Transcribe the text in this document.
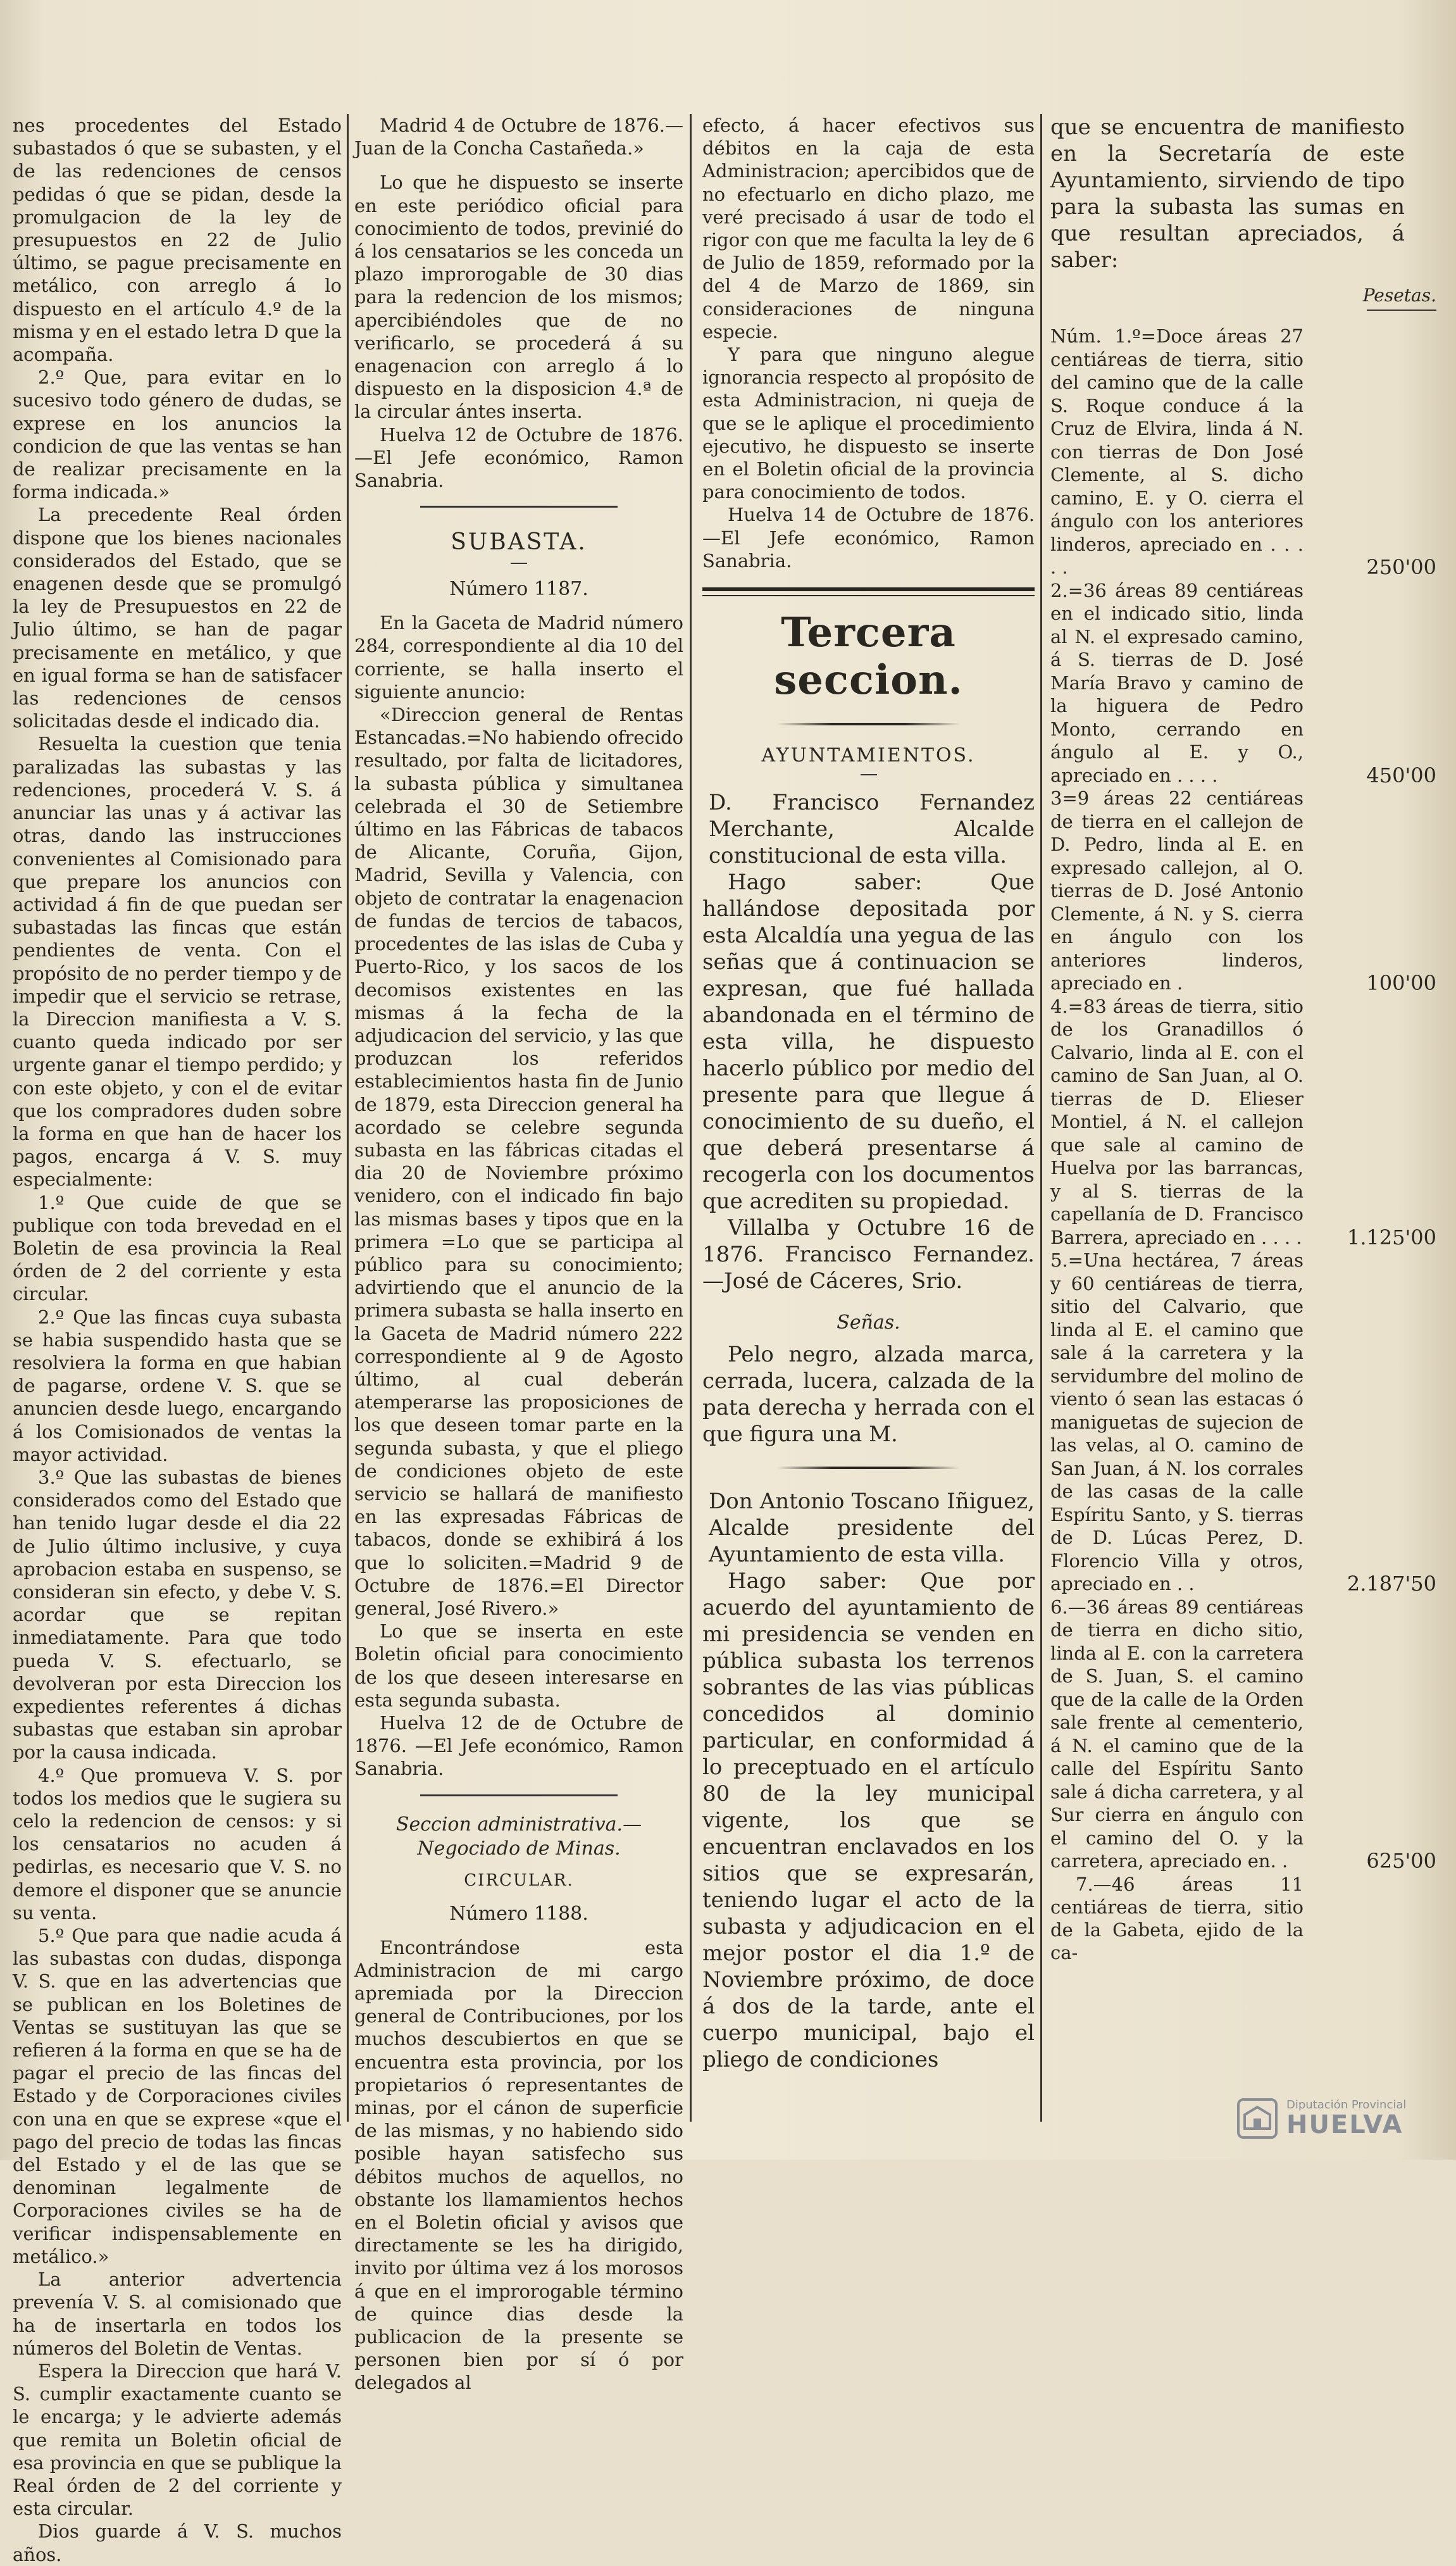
nes procedentes del Estado subastados ó que se subasten, y el de las redenciones de censos pedidas ó que se pidan, desde la promulgacion de la ley de presupuestos en 22 de Julio último, se pague precisamente en metálico, con arreglo á lo dispuesto en el artículo 4.º de la misma y en el estado letra D que la acompaña.

2.º Que, para evitar en lo sucesivo todo género de dudas, se exprese en los anuncios la condicion de que las ventas se han de realizar precisamente en la forma indicada.»

La precedente Real órden dispone que los bienes nacionales considerados del Estado, que se enagenen desde que se promulgó la ley de Presupuestos en 22 de Julio último, se han de pagar precisamente en metálico, y que en igual forma se han de satisfacer las redenciones de censos solicitadas desde el indicado dia.

Resuelta la cuestion que tenia paralizadas las subastas y las redenciones, procederá V. S. á anunciar las unas y á activar las otras, dando las instrucciones convenientes al Comisionado para que prepare los anuncios con actividad á fin de que puedan ser subastadas las fincas que están pendientes de venta. Con el propósito de no perder tiempo y de impedir que el servicio se retrase, la Direccion manifiesta a V. S. cuanto queda indicado por ser urgente ganar el tiempo perdido; y con este objeto, y con el de evitar que los compradores duden sobre la forma en que han de hacer los pagos, encarga á V. S. muy especialmente:

1.º Que cuide de que se publique con toda brevedad en el Boletin de esa provincia la Real órden de 2 del corriente y esta circular.

2.º Que las fincas cuya subasta se habia suspendido hasta que se resolviera la forma en que habian de pagarse, ordene V. S. que se anuncien desde luego, encargando á los Comisionados de ventas la mayor actividad.

3.º Que las subastas de bienes considerados como del Estado que han tenido lugar desde el dia 22 de Julio último inclusive, y cuya aprobacion estaba en suspenso, se consideran sin efecto, y debe V. S. acordar que se repitan inmediatamente. Para que todo pueda V. S. efectuarlo, se devolveran por esta Direccion los expedientes referentes á dichas subastas que estaban sin aprobar por la causa indicada.

4.º Que promueva V. S. por todos los medios que le sugiera su celo la redencion de censos: y si los censatarios no acuden á pedirlas, es necesario que V. S. no demore el disponer que se anuncie su venta.

5.º Que para que nadie acuda á las subastas con dudas, disponga V. S. que en las advertencias que se publican en los Boletines de Ventas se sustituyan las que se refieren á la forma en que se ha de pagar el precio de las fincas del Estado y de Corporaciones civiles con una en que se exprese «que el pago del precio de todas las fincas del Estado y el de las que se denominan legalmente de Corporaciones civiles se ha de verificar indispensablemente en metálico.»

La anterior advertencia prevenía V. S. al comisionado que ha de insertarla en todos los números del Boletin de Ventas.

Espera la Direccion que hará V. S. cumplir exactamente cuanto se le encarga; y le advierte además que remita un Boletin oficial de esa provincia en que se publique la Real órden de 2 del corriente y esta circular.

Dios guarde á V. S. muchos años.

Madrid 4 de Octubre de 1876.—Juan de la Concha Castañeda.»

Lo que he dispuesto se inserte en este periódico oficial para conocimiento de todos, previnié do á los censatarios se les conceda un plazo improrogable de 30 dias para la redencion de los mismos; apercibiéndoles que de no verificarlo, se procederá á su enagenacion con arreglo á lo dispuesto en la disposicion 4.ª de la circular ántes inserta.

Huelva 12 de Octubre de 1876. —El Jefe económico, Ramon Sanabria.

SUBASTA.
Número 1187.

En la Gaceta de Madrid número 284, correspondiente al dia 10 del corriente, se halla inserto el siguiente anuncio:

«Direccion general de Rentas Estancadas.=No habiendo ofrecido resultado, por falta de licitadores, la subasta pública y simultanea celebrada el 30 de Setiembre último en las Fábricas de tabacos de Alicante, Coruña, Gijon, Madrid, Sevilla y Valencia, con objeto de contratar la enagenacion de fundas de tercios de tabacos, procedentes de las islas de Cuba y Puerto-Rico, y los sacos de los decomisos existentes en las mismas á la fecha de la adjudicacion del servicio, y las que produzcan los referidos establecimientos hasta fin de Junio de 1879, esta Direccion general ha acordado se celebre segunda subasta en las fábricas citadas el dia 20 de Noviembre próximo venidero, con el indicado fin bajo las mismas bases y tipos que en la primera =Lo que se participa al público para su conocimiento; advirtiendo que el anuncio de la primera subasta se halla inserto en la Gaceta de Madrid número 222 correspondiente al 9 de Agosto último, al cual deberán atemperarse las proposiciones de los que deseen tomar parte en la segunda subasta, y que el pliego de condiciones objeto de este servicio se hallará de manifiesto en las expresadas Fábricas de tabacos, donde se exhibirá á los que lo soliciten.=Madrid 9 de Octubre de 1876.=El Director general, José Rivero.»

Lo que se inserta en este Boletin oficial para conocimiento de los que deseen interesarse en esta segunda subasta.

Huelva 12 de de Octubre de 1876. —El Jefe económico, Ramon Sanabria.

Seccion administrativa.—Negociado de Minas.
CIRCULAR.
Número 1188.

Encontrándose esta Administracion de mi cargo apremiada por la Direccion general de Contribuciones, por los muchos descubiertos en que se encuentra esta provincia, por los propietarios ó representantes de minas, por el cánon de superficie de las mismas, y no habiendo sido posible hayan satisfecho sus débitos muchos de aquellos, no obstante los llamamientos hechos en el Boletin oficial y avisos que directamente se les ha dirigido, invito por última vez á los morosos á que en el improrogable término de quince dias desde la publicacion de la presente se personen bien por sí ó por delegados al

efecto, á hacer efectivos sus débitos en la caja de esta Administracion; apercibidos que de no efectuarlo en dicho plazo, me veré precisado á usar de todo el rigor con que me faculta la ley de 6 de Julio de 1859, reformado por la del 4 de Marzo de 1869, sin consideraciones de ninguna especie.

Y para que ninguno alegue ignorancia respecto al propósito de esta Administracion, ni queja de que se le aplique el procedimiento ejecutivo, he dispuesto se inserte en el Boletin oficial de la provincia para conocimiento de todos.

Huelva 14 de Octubre de 1876.—El Jefe económico, Ramon Sanabria.

Tercera seccion.
AYUNTAMIENTOS.

D. Francisco Fernandez Merchante, Alcalde constitucional de esta villa.

Hago saber: Que hallándose depositada por esta Alcaldía una yegua de las señas que á continuacion se expresan, que fué hallada abandonada en el término de esta villa, he dispuesto hacerlo público por medio del presente para que llegue á conocimiento de su dueño, el que deberá presentarse á recogerla con los documentos que acrediten su propiedad.

Villalba y Octubre 16 de 1876. Francisco Fernandez. —José de Cáceres, Srio.

Señas.

Pelo negro, alzada marca, cerrada, lucera, calzada de la pata derecha y herrada con el que figura una M.

Don Antonio Toscano Iñiguez, Alcalde presidente del Ayuntamiento de esta villa.

Hago saber: Que por acuerdo del ayuntamiento de mi presidencia se venden en pública subasta los terrenos sobrantes de las vias públicas concedidos al dominio particular, en conformidad á lo preceptuado en el artículo 80 de la ley municipal vigente, los que se encuentran enclavados en los sitios que se expresarán, teniendo lugar el acto de la subasta y adjudicacion en el mejor postor el dia 1.º de Noviembre próximo, de doce á dos de la tarde, ante el cuerpo municipal, bajo el pliego de condiciones

que se encuentra de manifiesto en la Secretaría de este Ayuntamiento, sirviendo de tipo para la subasta las sumas en que resultan apreciados, á saber:

Pesetas.

Núm. 1.º=Doce áreas 27 centiáreas de tierra, sitio del camino que de la calle S. Roque conduce á la Cruz de Elvira, linda á N. con tierras de Don José Clemente, al S. dicho camino, E. y O. cierra el ángulo con los anteriores linderos, apreciado en . . . . .	250'00

2.=36 áreas 89 centiáreas en el indicado sitio, linda al N. el expresado camino, á S. tierras de D. José María Bravo y camino de la higuera de Pedro Monto, cerrando en ángulo al E. y O., apreciado en . . . .	450'00

3=9 áreas 22 centiáreas de tierra en el callejon de D. Pedro, linda al E. en expresado callejon, al O. tierras de D. José Antonio Clemente, á N. y S. cierra en ángulo con los anteriores linderos, apreciado en .	100'00

4.=83 áreas de tierra, sitio de los Granadillos ó Calvario, linda al E. con el camino de San Juan, al O. tierras de D. Elieser Montiel, á N. el callejon que sale al camino de Huelva por las barrancas, y al S. tierras de la capellanía de D. Francisco Barrera, apreciado en . . . . 1.125'00

5.=Una hectárea, 7 áreas y 60 centiáreas de tierra, sitio del Calvario, que linda al E. el camino que sale á la carretera y la servidumbre del molino de viento ó sean las estacas ó maniguetas de sujecion de las velas, al O. camino de San Juan, á N. los corrales de las casas de la calle Espíritu Santo, y S. tierras de D. Lúcas Perez, D. Florencio Villa y otros, apreciado en . .	2.187'50

6.—36 áreas 89 centiáreas de tierra en dicho sitio, linda al E. con la carretera de S. Juan, S. el camino que de la calle de la Orden sale frente al cementerio, á N. el camino que de la calle del Espíritu Santo sale á dicha carretera, y al Sur cierra en ángulo con el camino del O. y la carretera, apreciado en. .	625'00

7.—46 áreas 11 centiáreas de tierra, sitio de la Gabeta, ejido de la ca-

Diputación Provincial
HUELVA
